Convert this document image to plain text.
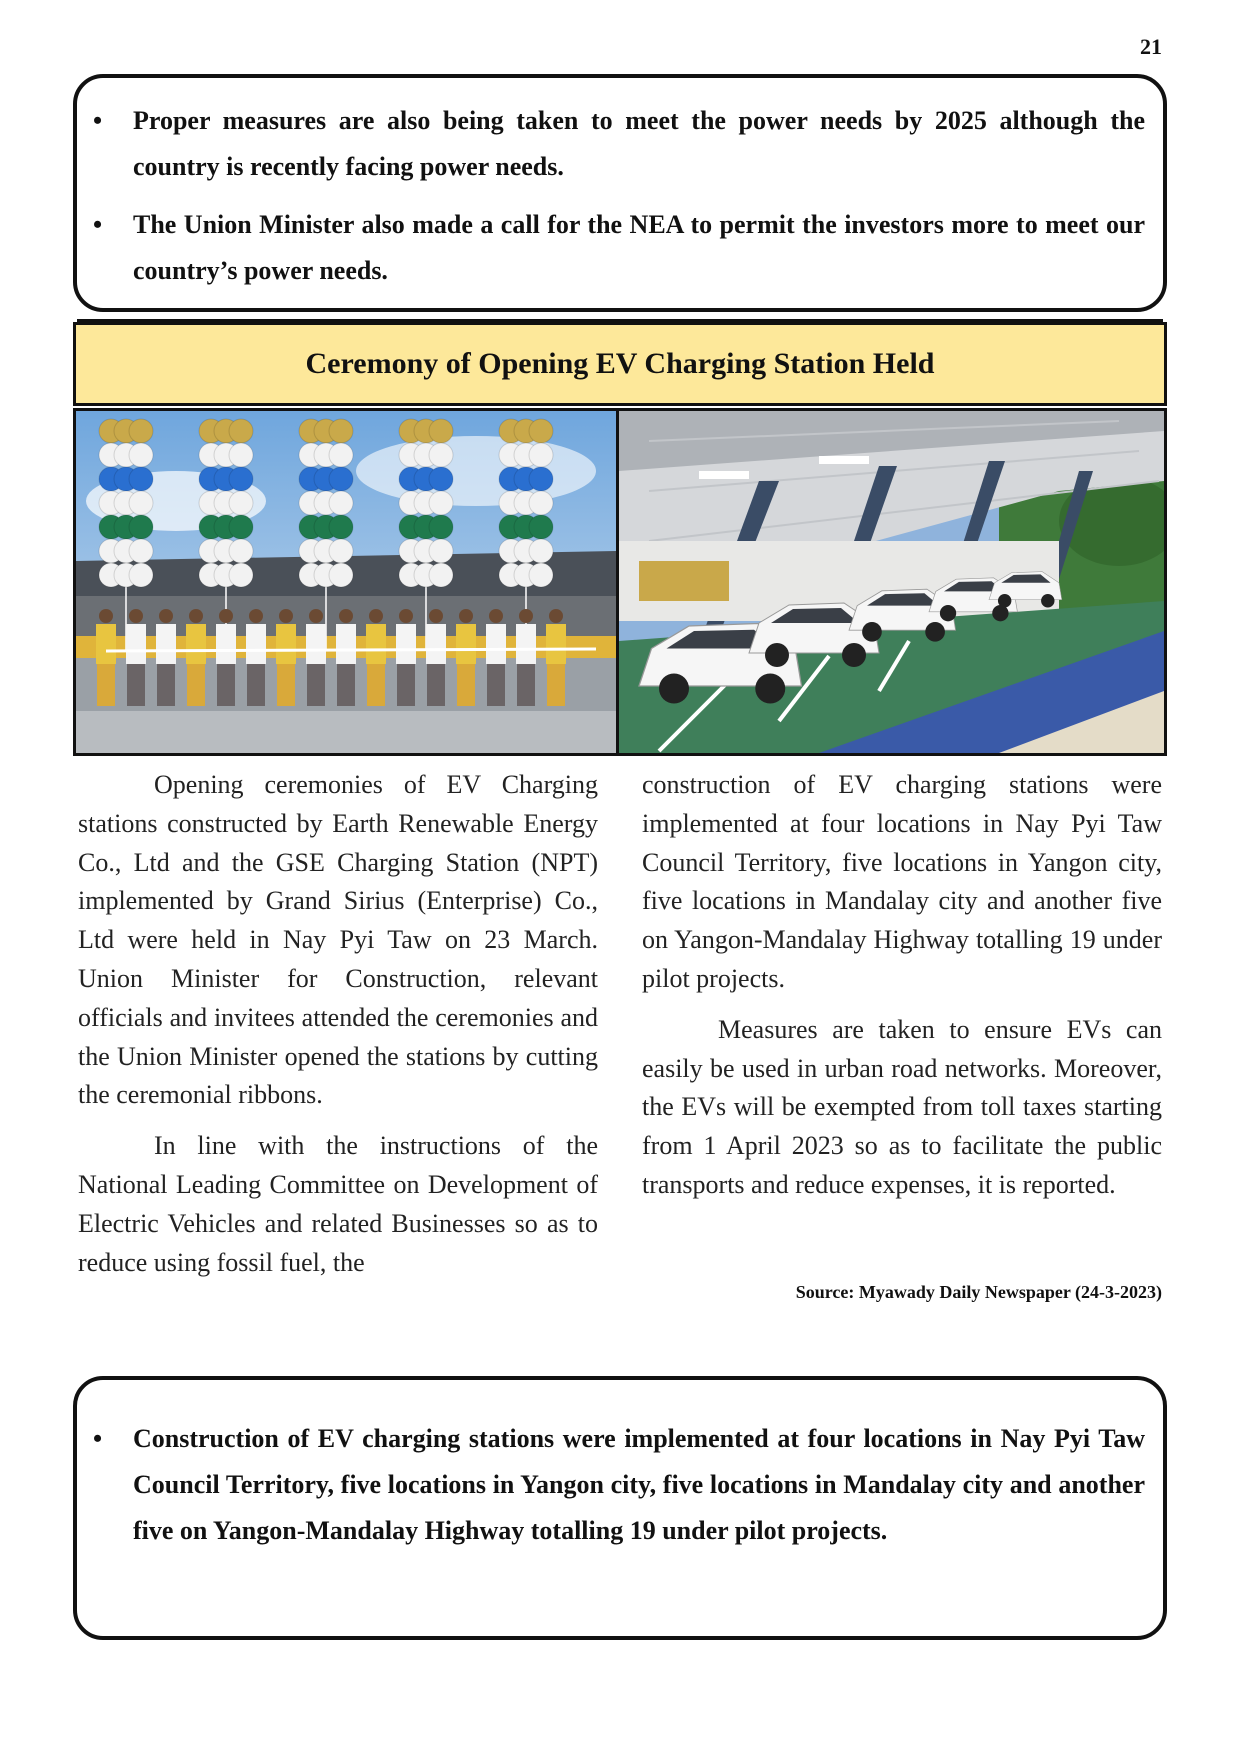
21
• Proper measures are also being taken to meet the power needs by 2025 although the country is recently facing power needs.
• The Union Minister also made a call for the NEA to permit the investors more to meet our country’s power needs.
Ceremony of Opening EV Charging Station Held

Opening ceremonies of EV Charging stations constructed by Earth Renewable Energy Co., Ltd and the GSE Charging Station (NPT) implemented by Grand Sirius (Enterprise) Co., Ltd were held in Nay Pyi Taw on 23 March. Union Minister for Construction, relevant officials and invitees attended the ceremonies and the Union Minister opened the stations by cutting the ceremonial ribbons.

In line with the instructions of the National Leading Committee on Development of Electric Vehicles and related Businesses so as to reduce using fossil fuel, the

construction of EV charging stations were implemented at four locations in Nay Pyi Taw Council Territory, five locations in Yangon city, five locations in Mandalay city and another five on Yangon-Mandalay Highway totalling 19 under pilot projects.

Measures are taken to ensure EVs can easily be used in urban road networks. Moreover, the EVs will be exempted from toll taxes starting from 1 April 2023 so as to facilitate the public transports and reduce expenses, it is reported.

Source: Myawady Daily Newspaper (24-3-2023)
• Construction of EV charging stations were implemented at four locations in Nay Pyi Taw Council Territory, five locations in Yangon city, five locations in Mandalay city and another five on Yangon-Mandalay Highway totalling 19 under pilot projects.
